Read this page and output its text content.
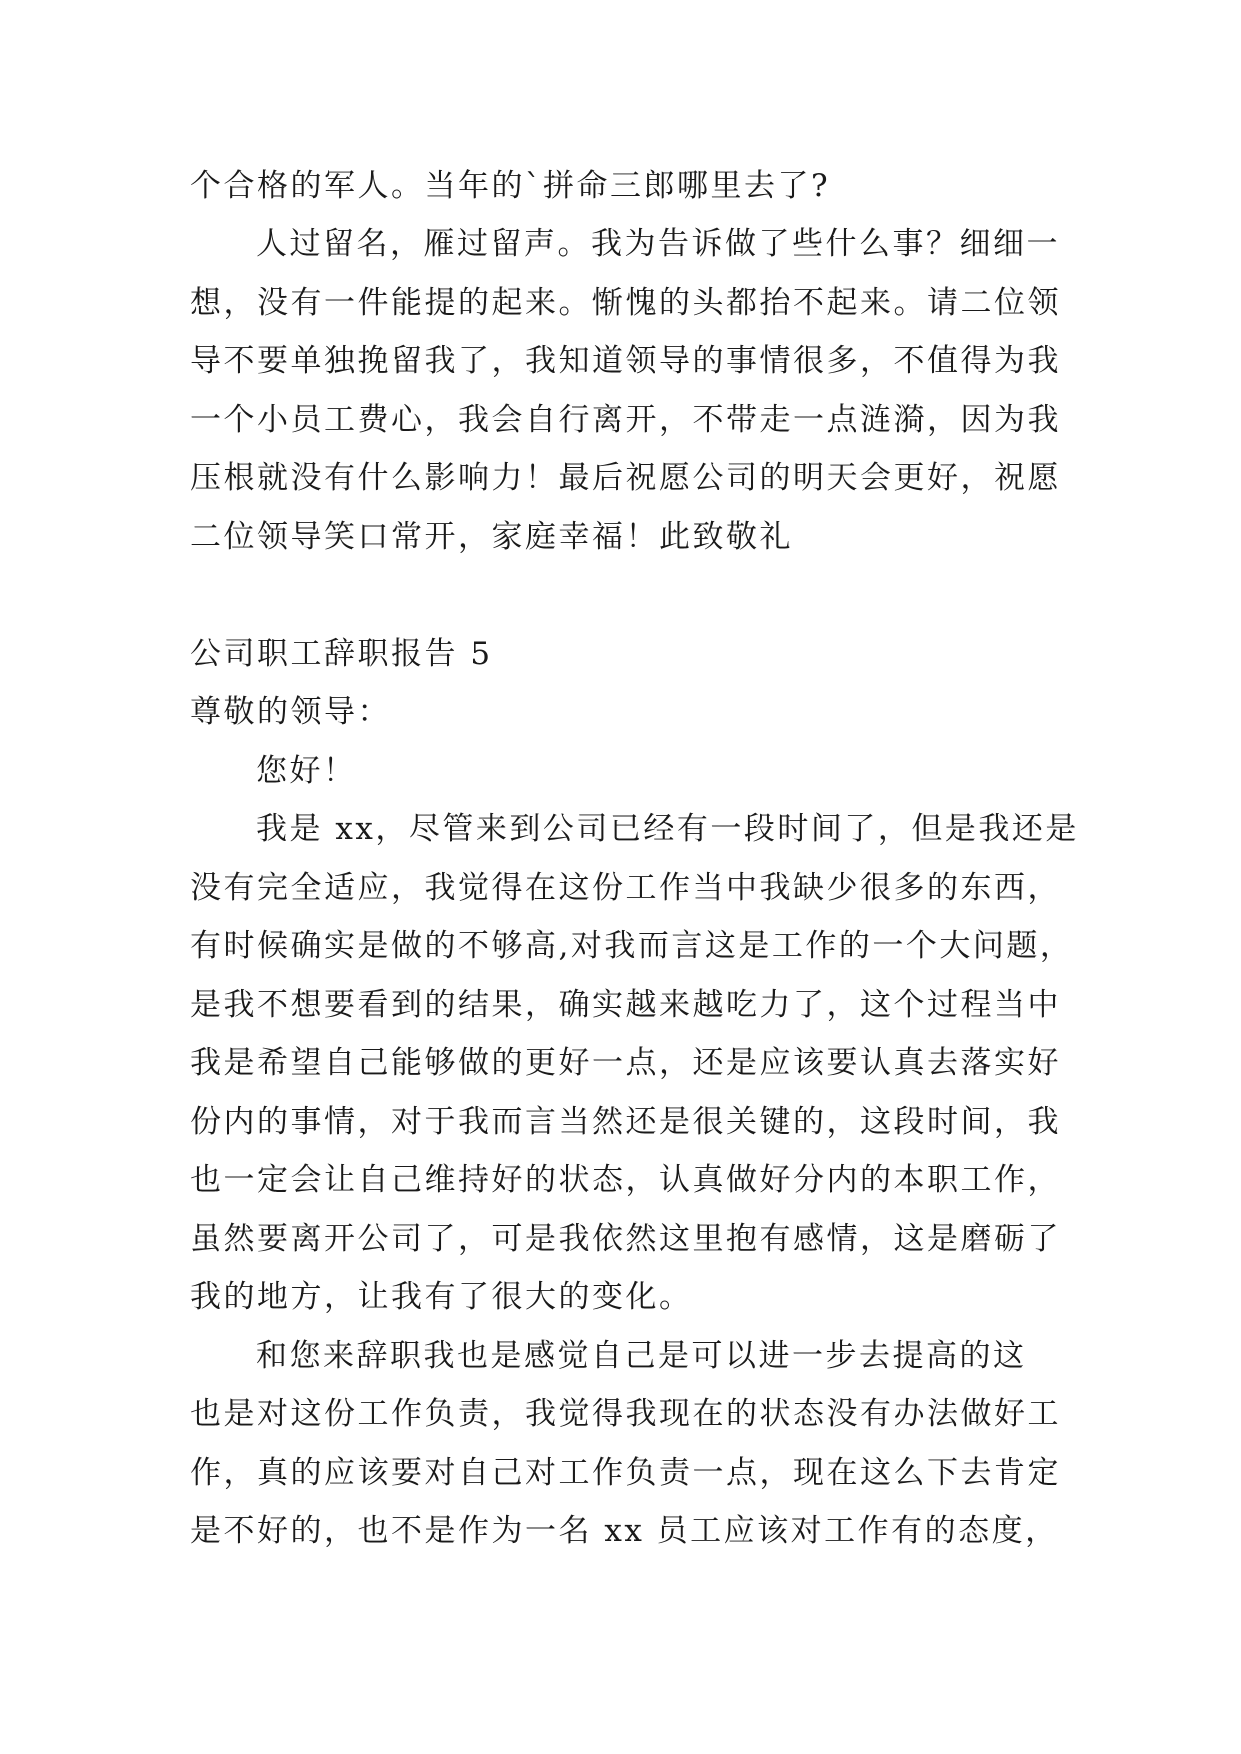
个合格的军人。当年的`拼命三郎哪里去了?
人过留名，雁过留声。我为告诉做了些什么事？细细一
想，没有一件能提的起来。惭愧的头都抬不起来。请二位领
导不要单独挽留我了，我知道领导的事情很多，不值得为我
一个小员工费心，我会自行离开，不带走一点涟漪，因为我
压根就没有什么影响力！最后祝愿公司的明天会更好，祝愿
二位领导笑口常开，家庭幸福！此致敬礼
公司职工辞职报告 5
尊敬的领导：
您好！
我是 xx，尽管来到公司已经有一段时间了，但是我还是
没有完全适应，我觉得在这份工作当中我缺少很多的东西，
有时候确实是做的不够高,对我而言这是工作的一个大问题，
是我不想要看到的结果，确实越来越吃力了，这个过程当中
我是希望自己能够做的更好一点，还是应该要认真去落实好
份内的事情，对于我而言当然还是很关键的，这段时间，我
也一定会让自己维持好的状态，认真做好分内的本职工作，
虽然要离开公司了，可是我依然这里抱有感情，这是磨砺了
我的地方，让我有了很大的变化。
和您来辞职我也是感觉自己是可以进一步去提高的这
也是对这份工作负责，我觉得我现在的状态没有办法做好工
作，真的应该要对自己对工作负责一点，现在这么下去肯定
是不好的，也不是作为一名 xx 员工应该对工作有的态度，
